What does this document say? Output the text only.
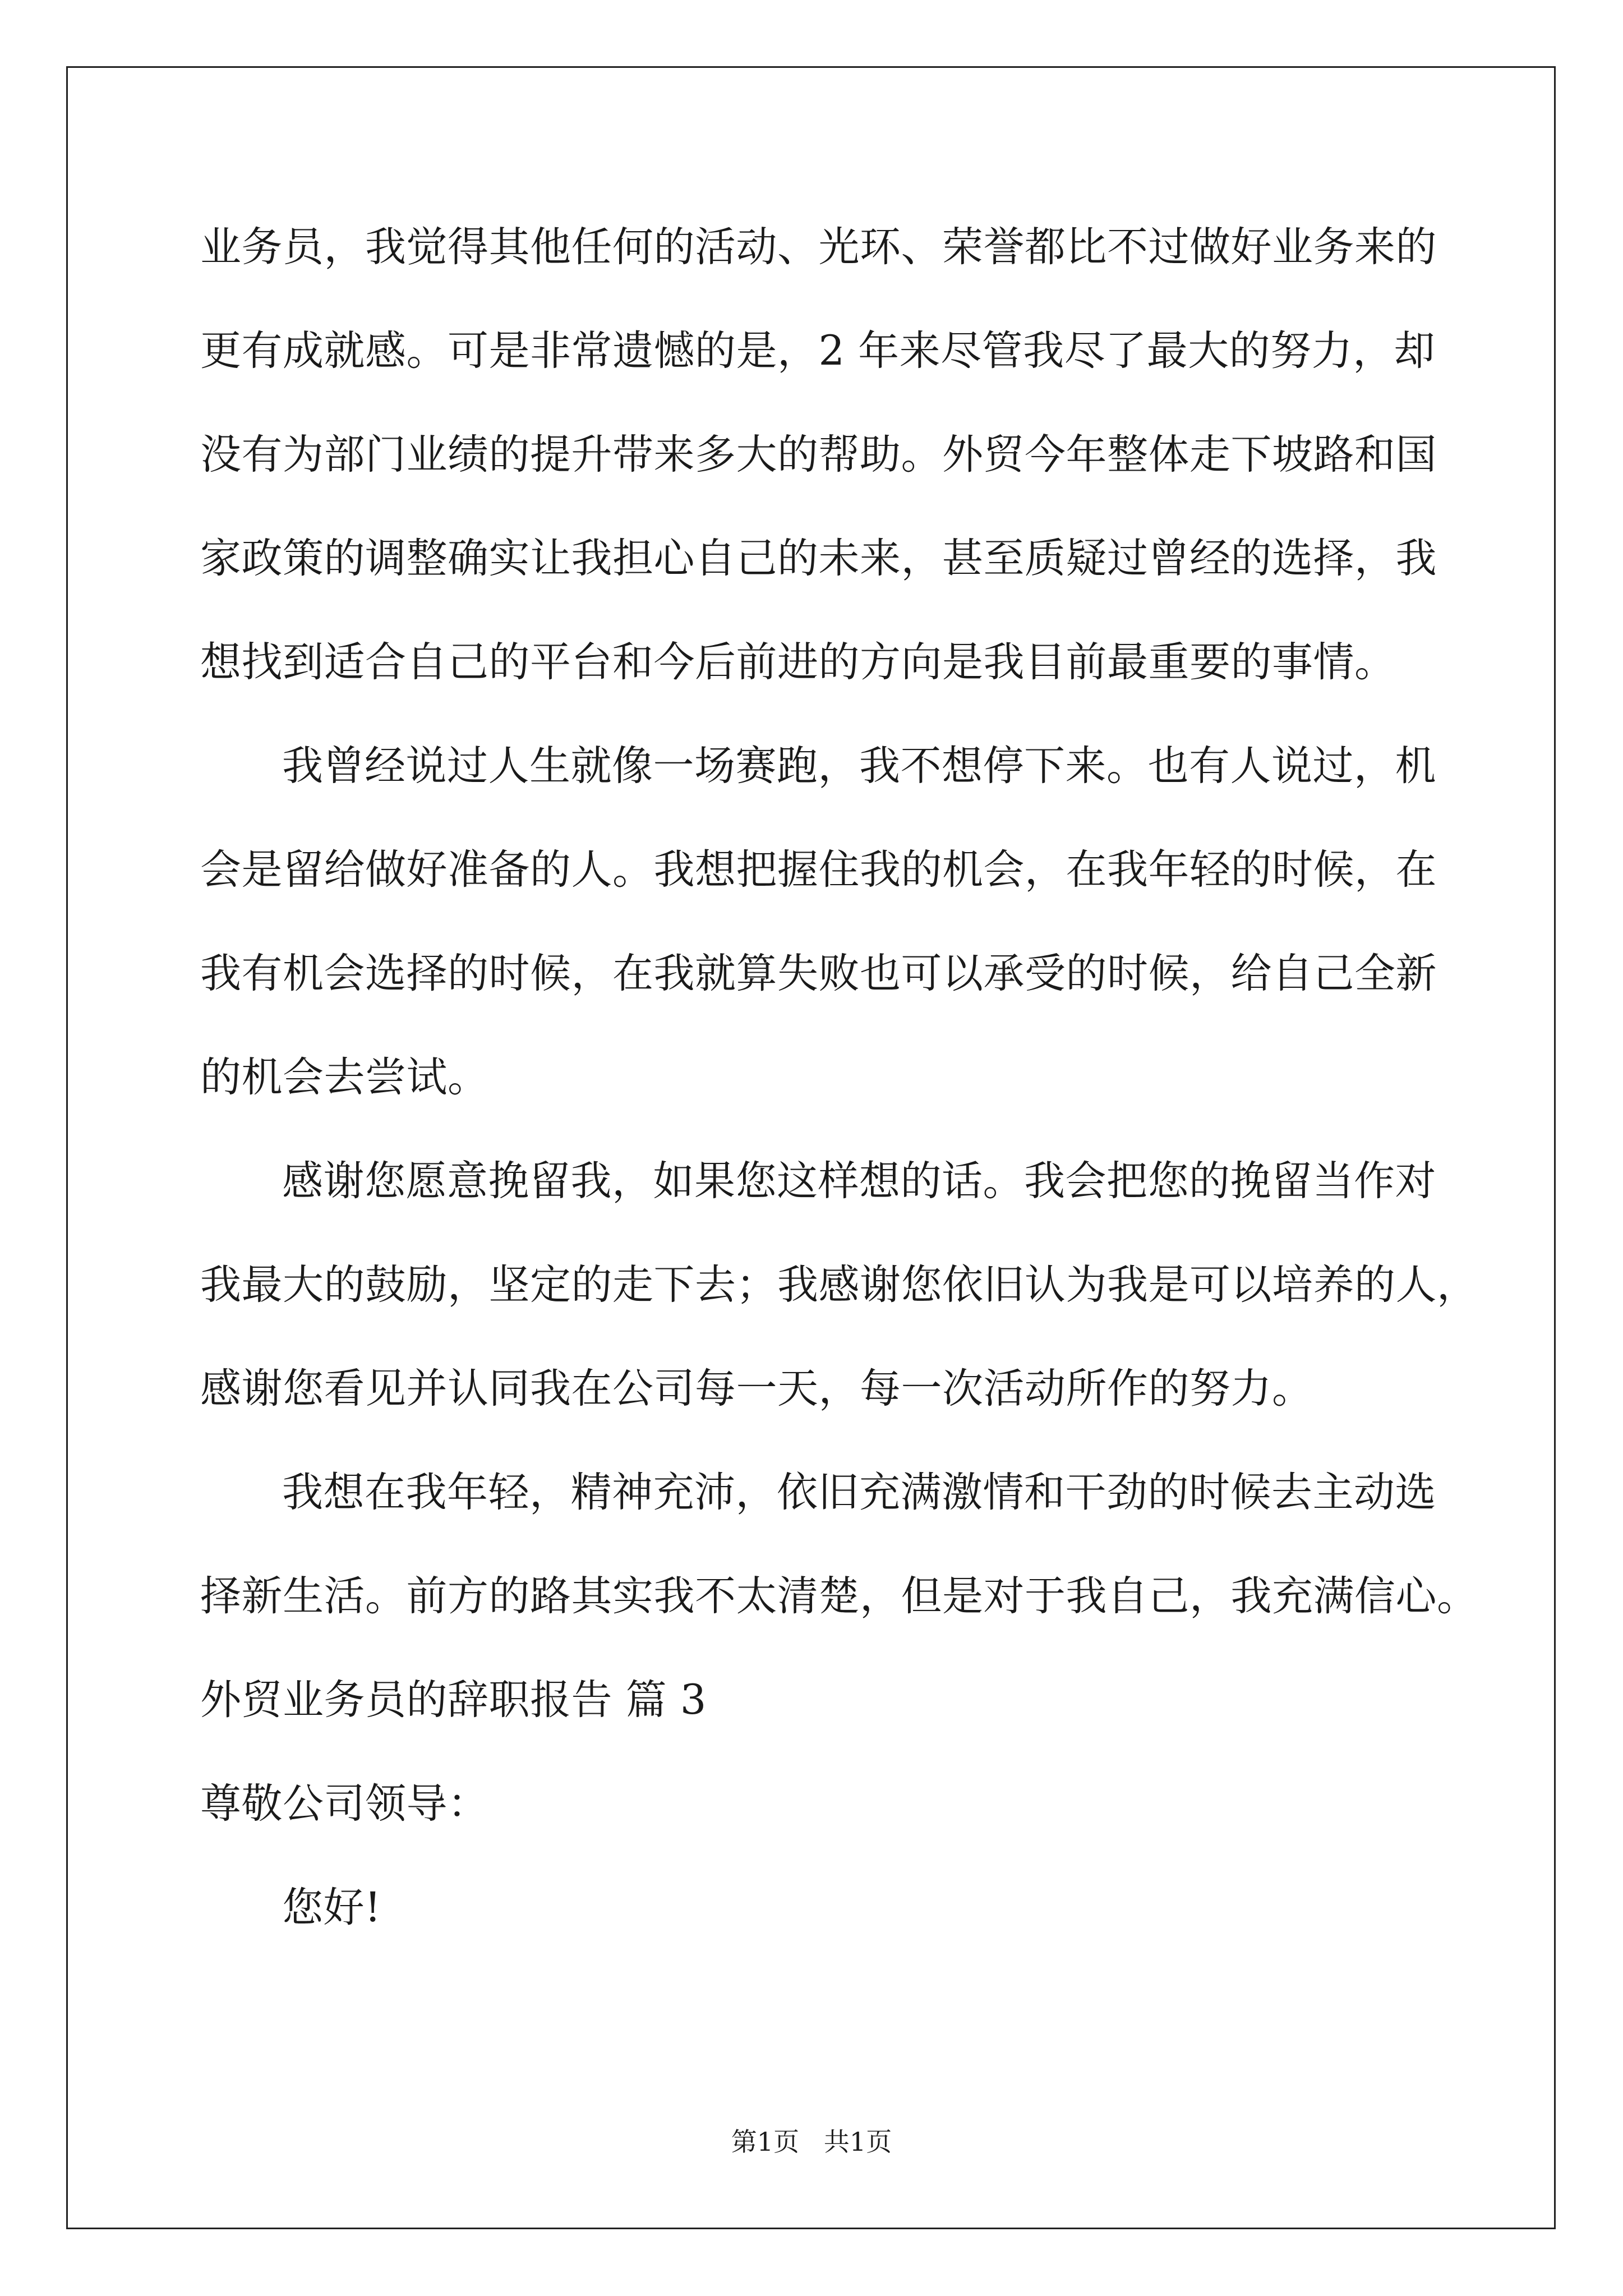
业务员，我觉得其他任何的活动、光环、荣誉都比不过做好业务来的
更有成就感。可是非常遗憾的是，2 年来尽管我尽了最大的努力，却
没有为部门业绩的提升带来多大的帮助。外贸今年整体走下坡路和国
家政策的调整确实让我担心自己的未来，甚至质疑过曾经的选择，我
想找到适合自己的平台和今后前进的方向是我目前最重要的事情。
我曾经说过人生就像一场赛跑，我不想停下来。也有人说过，机
会是留给做好准备的人。我想把握住我的机会，在我年轻的时候，在
我有机会选择的时候，在我就算失败也可以承受的时候，给自己全新
的机会去尝试。
感谢您愿意挽留我，如果您这样想的话。我会把您的挽留当作对
我最大的鼓励，坚定的走下去；我感谢您依旧认为我是可以培养的人，
感谢您看见并认同我在公司每一天，每一次活动所作的努力。
我想在我年轻，精神充沛，依旧充满激情和干劲的时候去主动选
择新生活。前方的路其实我不太清楚，但是对于我自己，我充满信心。
外贸业务员的辞职报告 篇 3
尊敬公司领导：
您好!
第1页   共1页
